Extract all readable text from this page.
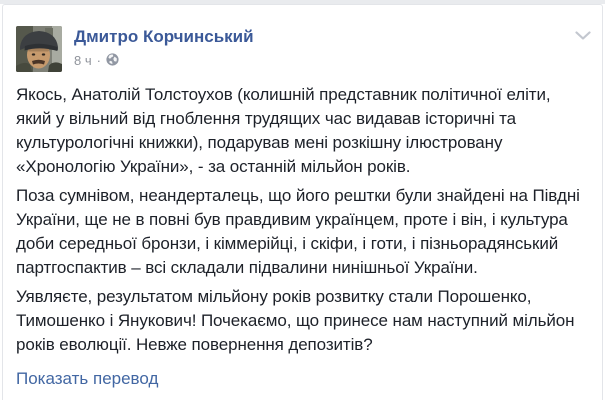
Дмитро Корчинський
8 ч ·

Якось, Анатолій Толстоухов (колишній представник політичної еліти, який у вільний від гноблення трудящих час видавав історичні та культурологічні книжки), подарував мені розкішну ілюстровану «Хронологію України», - за останній мільйон років.

Поза сумнівом, неандерталець, що його рештки були знайдені на Півдні України, ще не в повні був правдивим українцем, проте і він, і культура доби середньої бронзи, і кіммерійці, і скіфи, і готи, і пізньорадянський партгоспактив – всі складали підвалини нинішньої України.

Уявляєте, результатом мільйону років розвитку стали Порошенко, Тимошенко і Янукович! Почекаємо, що принесе нам наступний мільйон років еволюції. Невже повернення депозитів?

Показать перевод
